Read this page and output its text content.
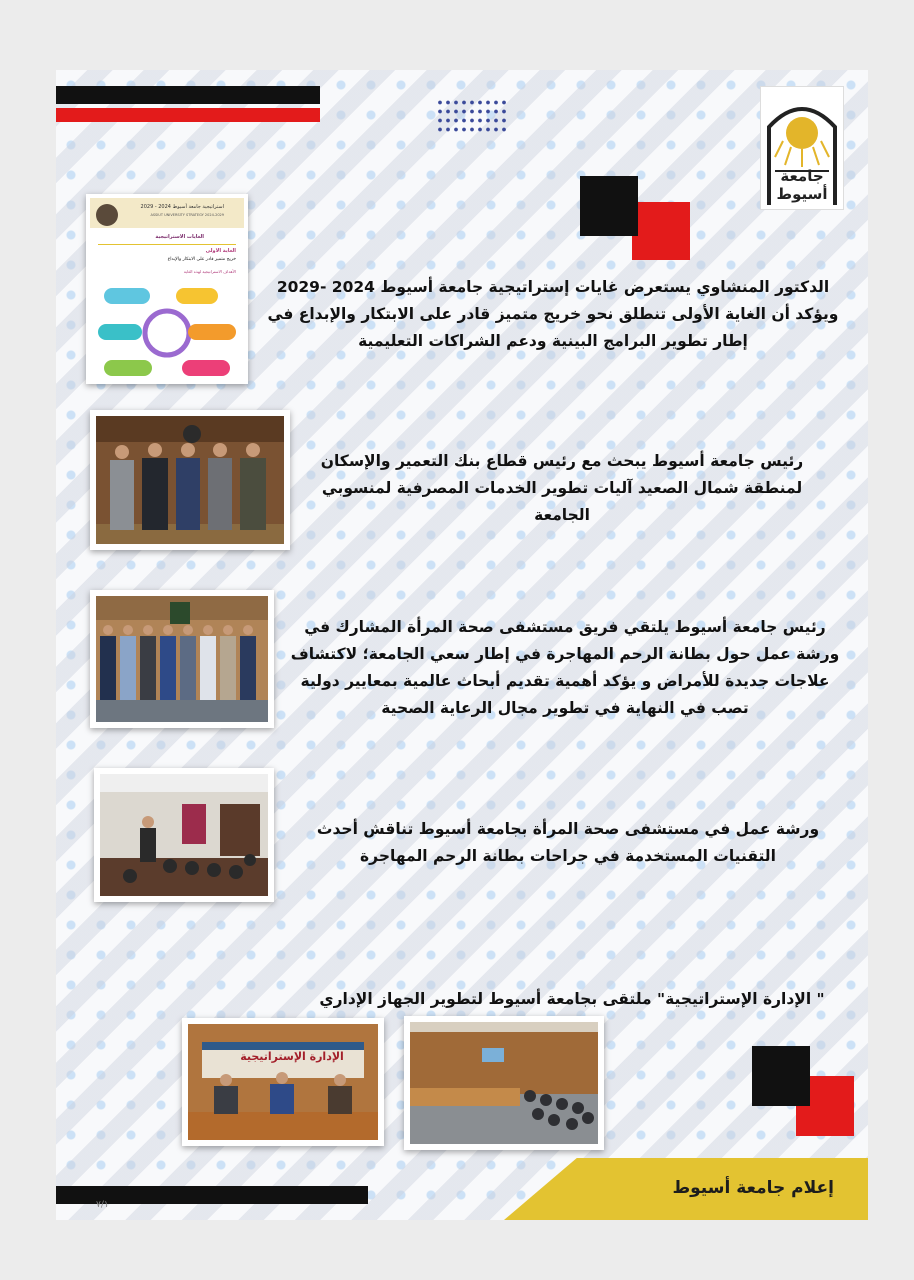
جامعة أسيوط
استراتيجية جامعة أسيوط 2024 - 2029
ASSIUT UNIVERSITY STRATEGY 2024-2029
الغايات الاستراتيجية
الغاية الاولى
خريج متميز قادر على الابتكار والإبداع
الأهداف الاستراتيجية لهذه الغاية
الدكتور المنشاوي يستعرض غايات إستراتيجية جامعة أسيوط 2024 -2029 ويؤكد أن الغاية الأولى تنطلق نحو خريج متميز قادر على الابتكار والإبداع في إطار تطوير البرامج البينية ودعم الشراكات التعليمية
رئيس جامعة أسيوط يبحث مع رئيس قطاع بنك التعمير والإسكان لمنطقة شمال الصعيد آليات تطوير الخدمات المصرفية لمنسوبي الجامعة
رئيس جامعة أسيوط يلتقي فريق مستشفى صحة المرأة المشارك في ورشة عمل حول بطانة الرحم المهاجرة في إطار سعي الجامعة؛ لاكتشاف علاجات جديدة للأمراض و يؤكد أهمية تقديم أبحاث عالمية بمعايير دولية تصب في النهاية في تطوير مجال الرعاية الصحية
ورشة عمل في مستشفى صحة المرأة بجامعة أسيوط تناقش أحدث التقنيات المستخدمة في جراحات بطانة الرحم المهاجرة
" الإدارة الإستراتيجية" ملتقى بجامعة أسيوط لتطوير الجهاز الإداري
الإدارة الإستراتيجية
إعلام جامعة أسيوط
٧/١
